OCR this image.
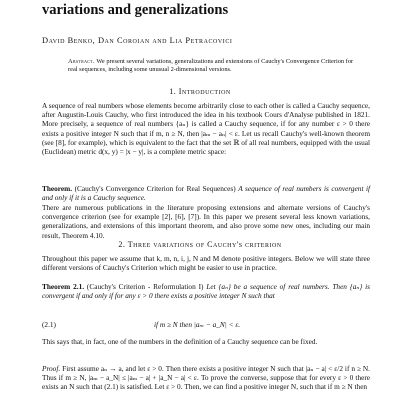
variations and generalizations
David Benko, Dan Coroian and Lia Petracovici
Abstract. We present several variations, generalizations and extensions of Cauchy's Convergence Criterion for real sequences, including some unusual 2-dimensional versions.
1. Introduction
A sequence of real numbers whose elements become arbitrarily close to each other is called a Cauchy sequence, after Augustin-Louis Cauchy, who first introduced the idea in his textbook Cours d'Analyse published in 1821. More precisely, a sequence of real numbers {aₙ} is called a Cauchy sequence, if for any number ε > 0 there exists a positive integer N such that if m, n ≥ N, then |aₘ − aₙ| < ε. Let us recall Cauchy's well-known theorem (see [8], for example), which is equivalent to the fact that the set ℝ of all real numbers, equipped with the usual (Euclidean) metric d(x, y) = |x − y|, is a complete metric space:
Theorem. (Cauchy's Convergence Criterion for Real Sequences) A sequence of real numbers is convergent if and only if it is a Cauchy sequence.
There are numerous publications in the literature proposing extensions and alternate versions of Cauchy's convergence criterion (see for example [2], [6], [7]). In this paper we present several less known variations, generalizations, and extensions of this important theorem, and also prove some new ones, including our main result, Theorem 4.10.
2. Three variations of Cauchy's criterion
Throughout this paper we assume that k, m, n, i, j, N and M denote positive integers. Below we will state three different versions of Cauchy's Criterion which might be easier to use in practice.
Theorem 2.1. (Cauchy's Criterion - Reformulation I) Let {aₙ} be a sequence of real numbers. Then {aₙ} is convergent if and only if for any ε > 0 there exists a positive integer N such that
(2.1)	if m ≥ N then |aₘ − a_N| < ε.
This says that, in fact, one of the numbers in the definition of a Cauchy sequence can be fixed.
Proof. First assume aₙ → a, and let ε > 0. Then there exists a positive integer N such that |aₙ − a| < ε/2 if n ≥ N. Thus if m ≥ N, |aₘ − a_N| ≤ |aₘ − a| + |a_N − a| < ε. To prove the converse, suppose that for every ε > 0 there exists an N such that (2.1) is satisfied. Let ε > 0. Then, we can find a positive integer N, such that if m ≥ N then
